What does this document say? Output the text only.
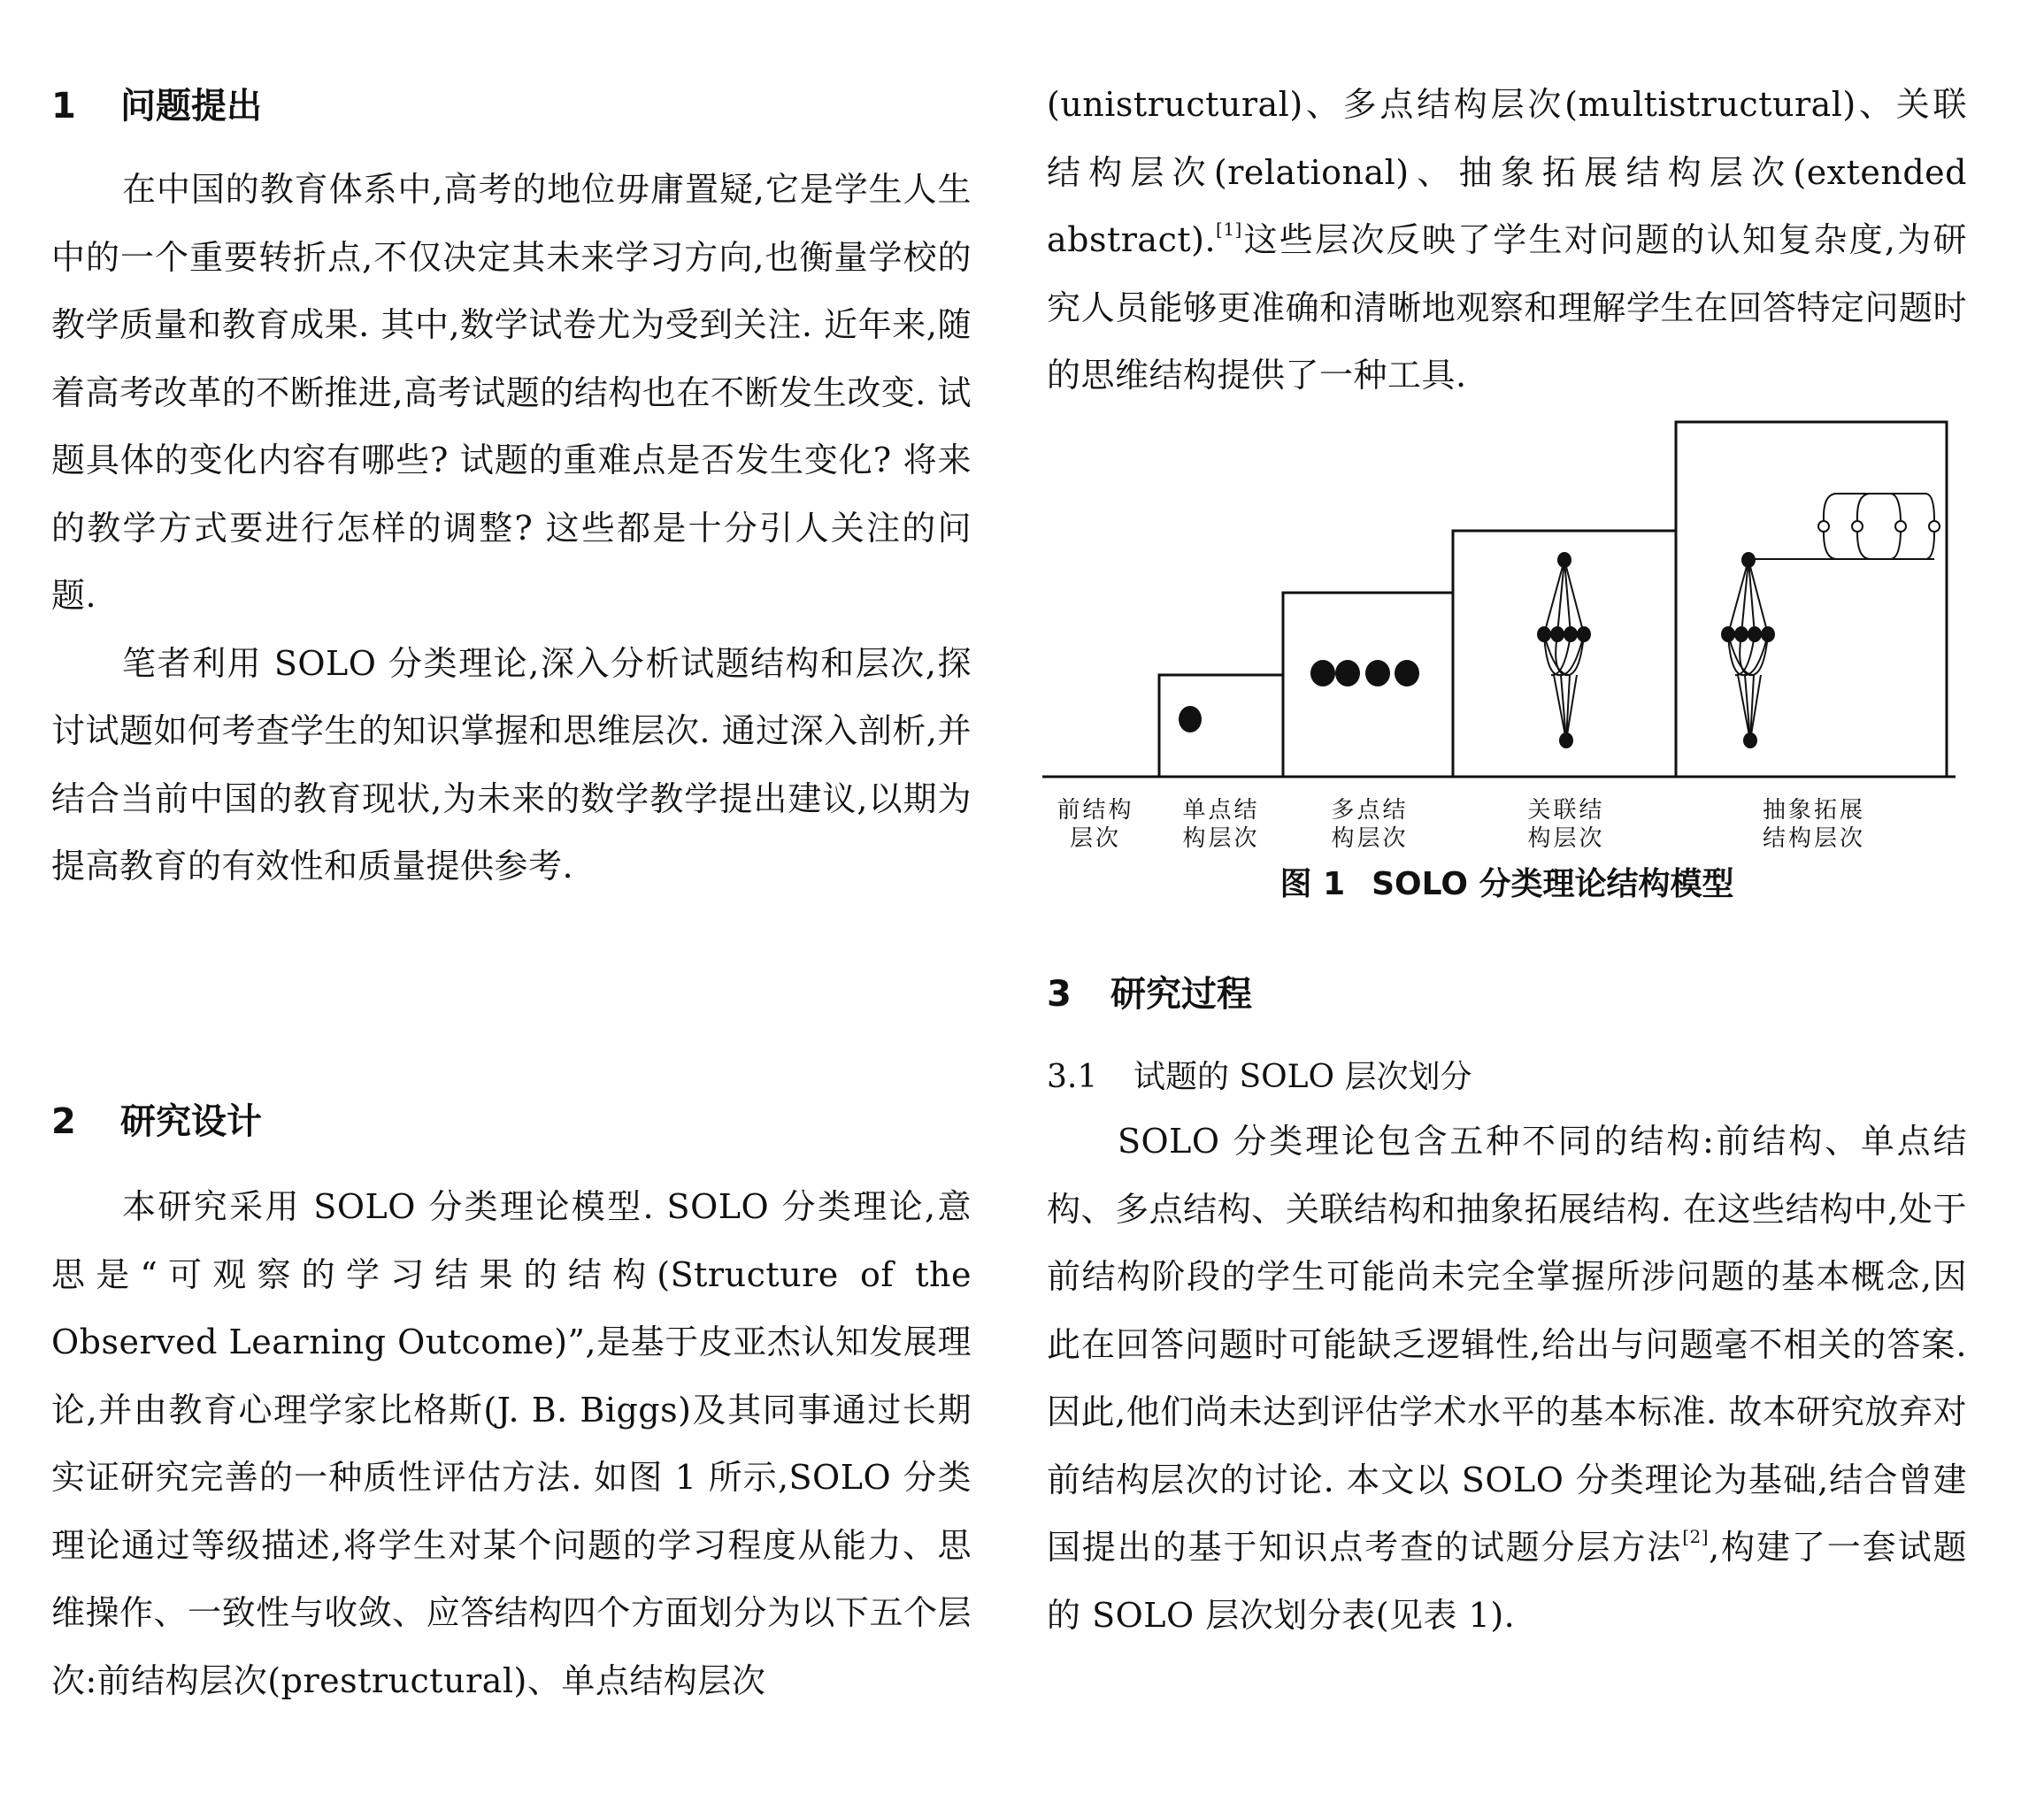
1 问题提出

在中国的教育体系中,高考的地位毋庸置疑,它是学生人生中的一个重要转折点,不仅决定其未来学习方向,也衡量学校的教学质量和教育成果. 其中,数学试卷尤为受到关注. 近年来,随着高考改革的不断推进,高考试题的结构也在不断发生改变. 试题具体的变化内容有哪些? 试题的重难点是否发生变化? 将来的教学方式要进行怎样的调整? 这些都是十分引人关注的问题.

笔者利用 SOLO 分类理论,深入分析试题结构和层次,探讨试题如何考查学生的知识掌握和思维层次. 通过深入剖析,并结合当前中国的教育现状,为未来的数学教学提出建议,以期为提高教育的有效性和质量提供参考.

2 研究设计

本研究采用 SOLO 分类理论模型. SOLO 分类理论,意思是“可观察的学习结果的结构(Structure of the Observed Learning Outcome)”,是基于皮亚杰认知发展理论,并由教育心理学家比格斯(J. B. Biggs)及其同事通过长期实证研究完善的一种质性评估方法. 如图 1 所示,SOLO 分类理论通过等级描述,将学生对某个问题的学习程度从能力、思维操作、一致性与收敛、应答结构四个方面划分为以下五个层次:前结构层次(prestructural)、单点结构层次

(unistructural)、多点结构层次(multistructural)、关联结构层次(relational)、抽象拓展结构层次(extended abstract).[1]这些层次反映了学生对问题的认知复杂度,为研究人员能够更准确和清晰地观察和理解学生在回答特定问题时的思维结构提供了一种工具.

前结构
层次
单点结
构层次
多点结
构层次
关联结
构层次
抽象拓展
结构层次
图 1 SOLO 分类理论结构模型
3 研究过程
3.1 试题的 SOLO 层次划分

SOLO 分类理论包含五种不同的结构:前结构、单点结构、多点结构、关联结构和抽象拓展结构. 在这些结构中,处于前结构阶段的学生可能尚未完全掌握所涉问题的基本概念,因此在回答问题时可能缺乏逻辑性,给出与问题毫不相关的答案. 因此,他们尚未达到评估学术水平的基本标准. 故本研究放弃对前结构层次的讨论. 本文以 SOLO 分类理论为基础,结合曾建国提出的基于知识点考查的试题分层方法[2],构建了一套试题的 SOLO 层次划分表(见表 1).
